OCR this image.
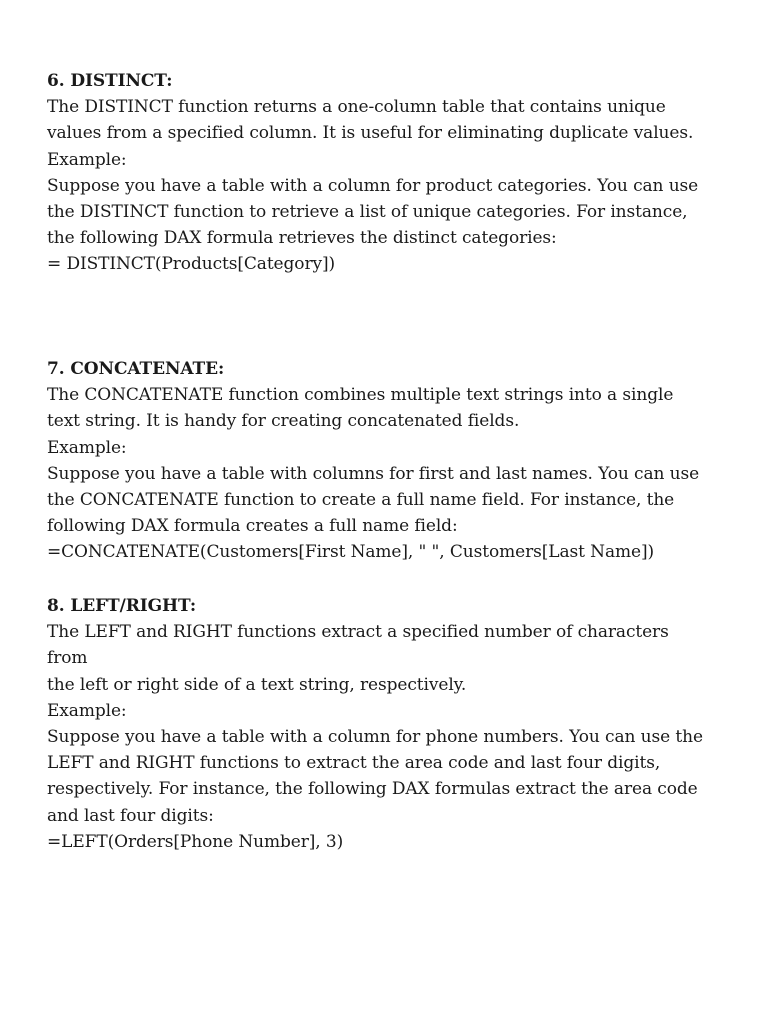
6. DISTINCT:
The DISTINCT function returns a one-column table that contains unique
values from a specified column. It is useful for eliminating duplicate values.
Example:
Suppose you have a table with a column for product categories. You can use
the DISTINCT function to retrieve a list of unique categories. For instance,
the following DAX formula retrieves the distinct categories:
= DISTINCT(Products[Category])
7. CONCATENATE:
The CONCATENATE function combines multiple text strings into a single
text string. It is handy for creating concatenated fields.
Example:
Suppose you have a table with columns for first and last names. You can use
the CONCATENATE function to create a full name field. For instance, the
following DAX formula creates a full name field:
=CONCATENATE(Customers[First Name], " ", Customers[Last Name])
8. LEFT/RIGHT:
The LEFT and RIGHT functions extract a specified number of characters
from
the left or right side of a text string, respectively.
Example:
Suppose you have a table with a column for phone numbers. You can use the
LEFT and RIGHT functions to extract the area code and last four digits,
respectively. For instance, the following DAX formulas extract the area code
and last four digits:
=LEFT(Orders[Phone Number], 3)
